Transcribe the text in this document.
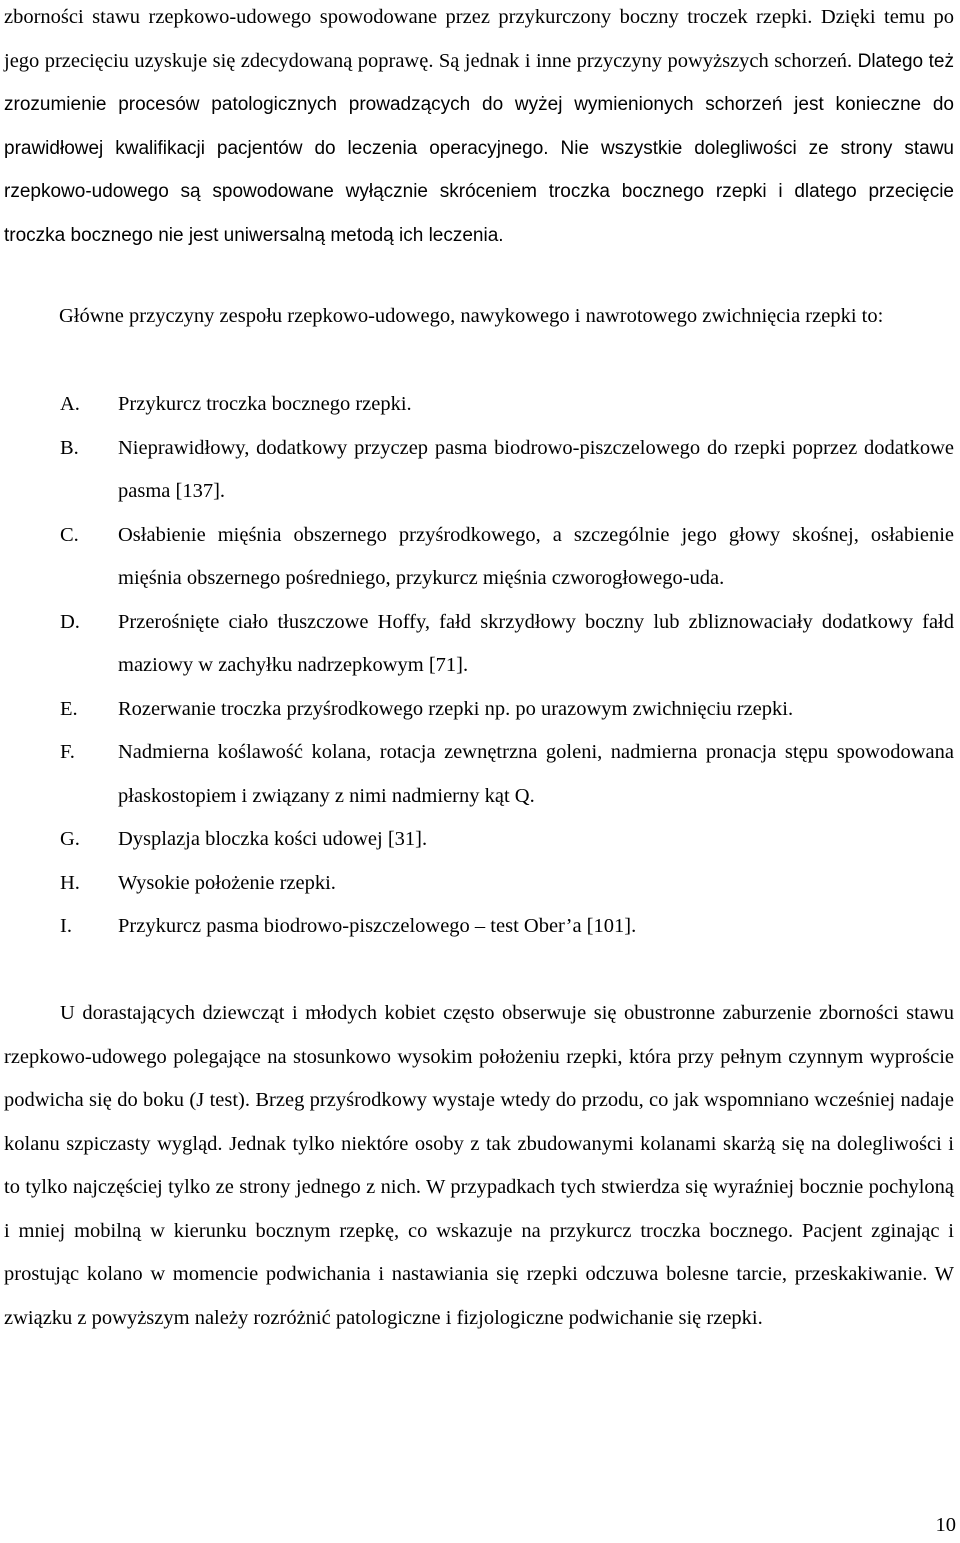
zborności stawu rzepkowo-udowego spowodowane przez przykurczony boczny troczek rzepki. Dzięki temu po jego przecięciu uzyskuje się zdecydowaną poprawę. Są jednak i inne przyczyny powyższych schorzeń. Dlatego też zrozumienie procesów patologicznych prowadzących do wyżej wymienionych schorzeń jest konieczne do prawidłowej kwalifikacji pacjentów do leczenia operacyjnego. Nie wszystkie dolegliwości ze strony stawu rzepkowo-udowego są spowodowane wyłącznie skróceniem troczka bocznego rzepki i dlatego przecięcie troczka bocznego nie jest uniwersalną metodą ich leczenia.

Główne przyczyny zespołu rzepkowo-udowego, nawykowego i nawrotowego zwichnięcia rzepki to:

A.	Przykurcz troczka bocznego rzepki.
B.	Nieprawidłowy, dodatkowy przyczep pasma biodrowo-piszczelowego do rzepki poprzez dodatkowe pasma [137].
C.	Osłabienie mięśnia obszernego przyśrodkowego, a szczególnie jego głowy skośnej, osłabienie mięśnia obszernego pośredniego, przykurcz mięśnia czworogłowego-uda.
D.	Przerośnięte ciało tłuszczowe Hoffy, fałd skrzydłowy boczny lub zbliznowaciały dodatkowy fałd maziowy w zachyłku nadrzepkowym [71].
E.	Rozerwanie troczka przyśrodkowego rzepki np. po urazowym zwichnięciu rzepki.
F.	Nadmierna koślawość kolana, rotacja zewnętrzna goleni, nadmierna pronacja stępu spowodowana płaskostopiem i związany z nimi nadmierny kąt Q.
G.	Dysplazja bloczka kości udowej [31].
H.	Wysokie położenie rzepki.
I.	Przykurcz pasma biodrowo-piszczelowego – test Ober’a [101].

U dorastających dziewcząt i młodych kobiet często obserwuje się obustronne zaburzenie zborności stawu rzepkowo-udowego polegające na stosunkowo wysokim położeniu rzepki, która przy pełnym czynnym wyproście podwicha się do boku (J test). Brzeg przyśrodkowy wystaje wtedy do przodu, co jak wspomniano wcześniej nadaje kolanu szpiczasty wygląd. Jednak tylko niektóre osoby z tak zbudowanymi kolanami skarżą się na dolegliwości i to tylko najczęściej tylko ze strony jednego z nich. W przypadkach tych stwierdza się wyraźniej bocznie pochyloną i mniej mobilną w kierunku bocznym rzepkę, co wskazuje na przykurcz troczka bocznego. Pacjent zginając i prostując kolano w momencie podwichania i nastawiania się rzepki odczuwa bolesne tarcie, przeskakiwanie. W związku z powyższym należy rozróżnić patologiczne i fizjologiczne podwichanie się rzepki.

10
